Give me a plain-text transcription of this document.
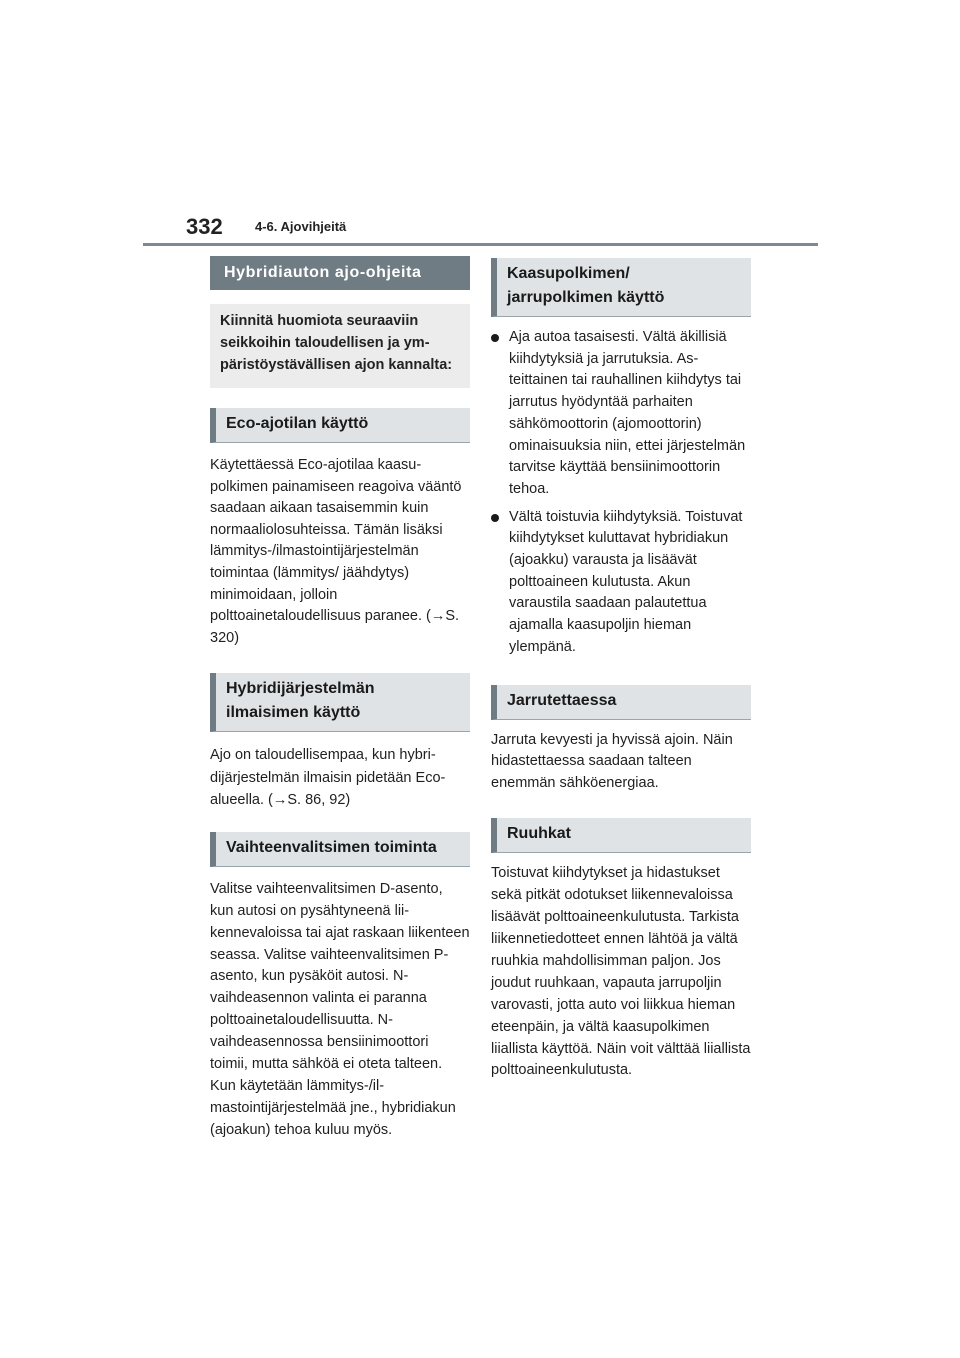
332 4-6. Ajovihjeitä
Hybridiauton ajo-ohjeita
Kiinnitä huomiota seuraaviin seikkoihin taloudellisen ja ympäristöystävällisen ajon kannalta:
Eco-ajotilan käyttö

Käytettäessä Eco-ajotilaa kaasupolkimen painamiseen reagoiva vääntö saadaan aikaan tasaisemmin kuin normaaliolosuhteissa. Tämän lisäksi lämmitys-/ilmastointijärjestelmän toimintaa (lämmitys/ jäähdytys) minimoidaan, jolloin polttoainetaloudellisuus paranee. (→S. 320)

Hybridijärjestelmän
ilmaisimen käyttö

Ajo on taloudellisempaa, kun hybridijärjestelmän ilmaisin pidetään Eco-alueella. (→S. 86, 92)

Vaihteenvalitsimen toiminta

Valitse vaihteenvalitsimen D-asento, kun autosi on pysähtyneenä liikennevaloissa tai ajat raskaan liikenteen seassa. Valitse vaihteenvalitsimen P-asento, kun pysäköit autosi. N-vaihdeasennon valinta ei paranna polttoainetaloudellisuutta. N-vaihdeasennossa bensiinimoottori toimii, mutta sähköä ei oteta talteen. Kun käytetään lämmitys-/ilmastointijärjestelmää jne., hybridiakun (ajoakun) tehoa kuluu myös.

Kaasupolkimen/
jarrupolkimen käyttö
Aja autoa tasaisesti. Vältä äkillisiä kiihdytyksiä ja jarrutuksia. Asteittainen tai rauhallinen kiihdytys tai jarrutus hyödyntää parhaiten sähkömoottorin (ajomoottorin) ominaisuuksia niin, ettei järjestelmän tarvitse käyttää bensiinimoottorin tehoa.
Vältä toistuvia kiihdytyksiä. Toistuvat kiihdytykset kuluttavat hybridiakun (ajoakku) varausta ja lisäävät polttoaineen kulutusta. Akun varaustila saadaan palautettua ajamalla kaasupoljin hieman ylempänä.
Jarrutettaessa

Jarruta kevyesti ja hyvissä ajoin. Näin hidastettaessa saadaan talteen enemmän sähköenergiaa.

Ruuhkat

Toistuvat kiihdytykset ja hidastukset sekä pitkät odotukset liikennevaloissa lisäävät polttoaineenkulutusta. Tarkista liikennetiedotteet ennen lähtöä ja vältä ruuhkia mahdollisimman paljon. Jos joudut ruuhkaan, vapauta jarrupoljin varovasti, jotta auto voi liikkua hieman eteenpäin, ja vältä kaasupolkimen liiallista käyttöä. Näin voit välttää liiallista polttoaineenkulutusta.
